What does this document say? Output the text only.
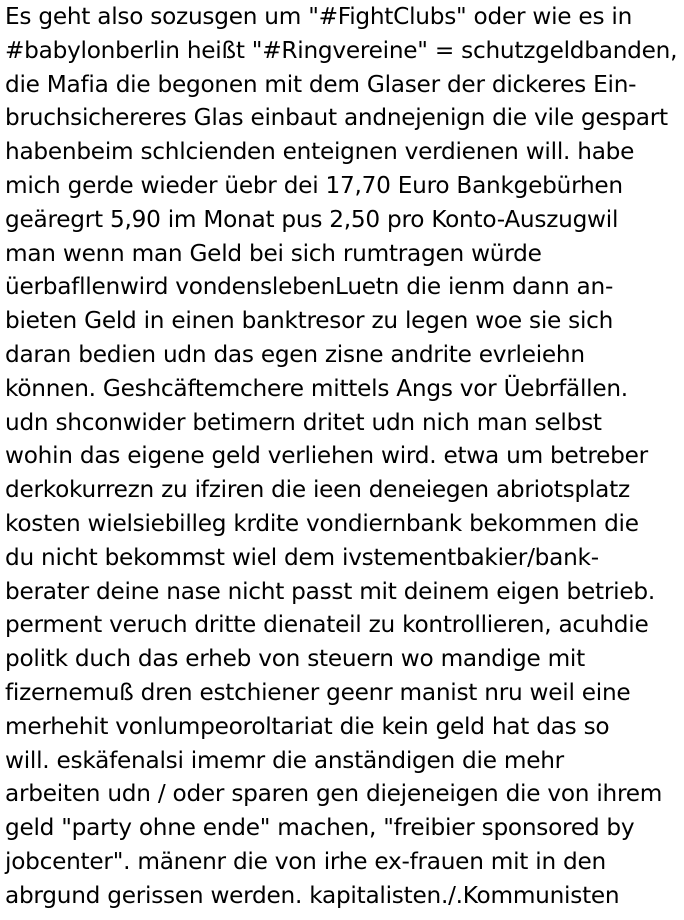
Es geht also sozusgen um "#FightClubs" oder wie es in
#babylonberlin heißt "#Ringvereine" = schutzgeldbanden,
die Mafia die begonen mit dem Glaser der dickeres Ein-
bruchsichereres Glas einbaut andnejenign die vile gespart
habenbeim schlcienden enteignen verdienen will. habe
mich gerde wieder üebr dei 17,70 Euro Bankgebürhen
geäregrt 5,90 im Monat pus 2,50 pro Konto-Auszugwil
man wenn man Geld bei sich rumtragen würde
üerbafllenwird vondenslebenLuetn die ienm dann an-
bieten Geld in einen banktresor zu legen woe sie sich
daran bedien udn das egen zisne andrite evrleiehn
können. Geshcäftemchere mittels Angs vor Üebrfällen.
udn shconwider betimern dritet udn nich man selbst
wohin das eigene geld verliehen wird. etwa um betreber
derkokurrezn zu ifziren die ieen deneiegen abriotsplatz
kosten wielsiebilleg krdite vondiernbank bekommen die
du nicht bekommst wiel dem ivstementbakier/bank-
berater deine nase nicht passt mit deinem eigen betrieb.
perment veruch dritte dienateil zu kontrollieren, acuhdie
politk duch das erheb von steuern wo mandige mit
fizernemuß dren estchiener geenr manist nru weil eine
merhehit vonlumpeoroltariat die kein geld hat das so
will. eskäfenalsi imemr die anständigen die mehr
arbeiten udn / oder sparen gen diejeneigen die von ihrem
geld "party ohne ende" machen, "freibier sponsored by
jobcenter". mänenr die von irhe ex-frauen mit in den
abrgund gerissen werden. kapitalisten./.Kommunisten
